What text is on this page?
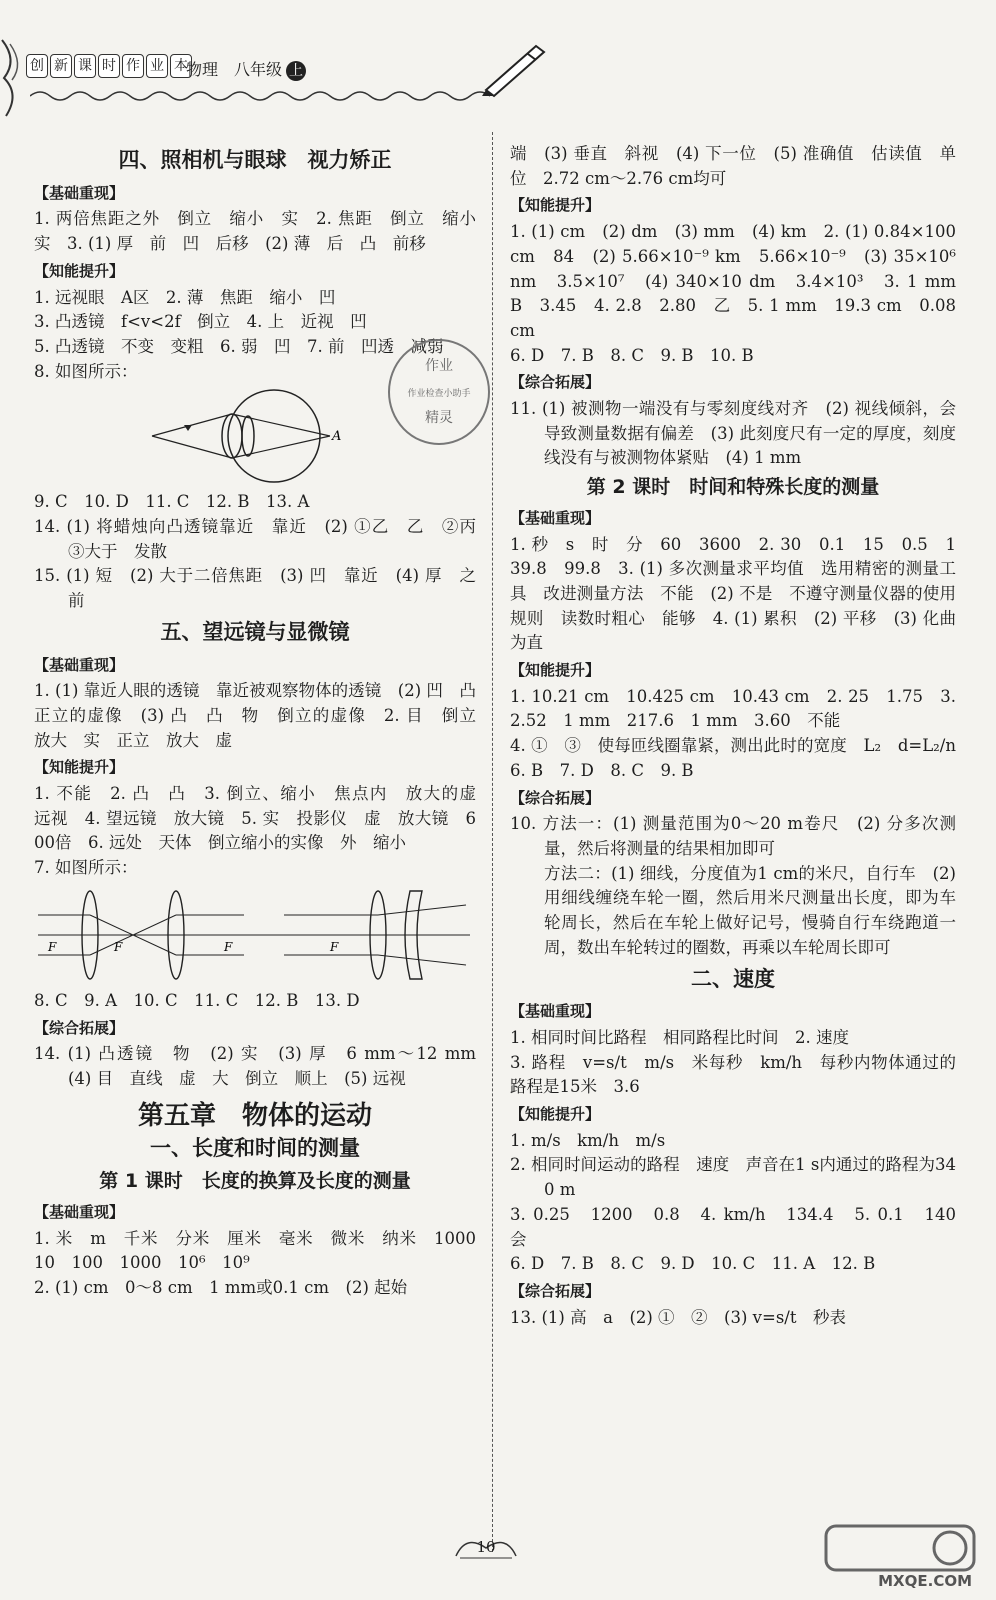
创 新 课 时 作 业 本
物理　八年级 上
四、照相机与眼球　视力矫正
【基础重现】

1. 两倍焦距之外　倒立　缩小　实　2. 焦距　倒立　缩小　实　3. (1) 厚　前　凹　后移　(2) 薄　后　凸　前移

【知能提升】

1. 远视眼　A区　2. 薄　焦距　缩小　凹

3. 凸透镜　f<v<2f　倒立　4. 上　近视　凹

5. 凸透镜　不变　变粗　6. 弱　凹　7. 前　凹透　减弱

8. 如图所示：

A

9. C　10. D　11. C　12. B　13. A

14. (1) 将蜡烛向凸透镜靠近　靠近　(2) ①乙　乙　②丙　③大于　发散

15. (1) 短　(2) 大于二倍焦距　(3) 凹　靠近　(4) 厚　之前

五、望远镜与显微镜
【基础重现】

1. (1) 靠近人眼的透镜　靠近被观察物体的透镜　(2) 凹　凸　正立的虚像　(3) 凸　凸　物　倒立的虚像　2. 目　倒立　放大　实　正立　放大　虚

【知能提升】

1. 不能　2. 凸　凸　3. 倒立、缩小　焦点内　放大的虚　远视　4. 望远镜　放大镜　5. 实　投影仪　虚　放大镜　600倍　6. 远处　天体　倒立缩小的实像　外　缩小

7. 如图所示：

F	F	F	F

8. C　9. A　10. C　11. C　12. B　13. D

【综合拓展】

14. (1) 凸透镜　物　(2) 实　(3) 厚　6 mm～12 mm　(4) 目　直线　虚　大　倒立　顺上　(5) 远视

第五章　物体的运动
一、长度和时间的测量
第 1 课时　长度的换算及长度的测量
【基础重现】

1. 米　m　千米　分米　厘米　毫米　微米　纳米　1000　10　100　1000　10⁶　10⁹

2. (1) cm　0～8 cm　1 mm或0.1 cm　(2) 起始

作业
作业检查小助手
精灵

端　(3) 垂直　斜视　(4) 下一位　(5) 准确值　估读值　单位　2.72 cm～2.76 cm均可

【知能提升】

1. (1) cm　(2) dm　(3) mm　(4) km　2. (1) 0.84×100 cm　84　(2) 5.66×10⁻⁹ km　5.66×10⁻⁹　(3) 35×10⁶ nm　3.5×10⁷　(4) 340×10 dm　3.4×10³　3. 1 mm　B　3.45　4. 2.8　2.80　乙　5. 1 mm　19.3 cm　0.08 cm

6. D　7. B　8. C　9. B　10. B

【综合拓展】

11. (1) 被测物一端没有与零刻度线对齐　(2) 视线倾斜，会导致测量数据有偏差　(3) 此刻度尺有一定的厚度，刻度线没有与被测物体紧贴　(4) 1 mm

第 2 课时　时间和特殊长度的测量
【基础重现】

1. 秒　s　时　分　60　3600　2. 30　0.1　15　0.5　1　39.8　99.8　3. (1) 多次测量求平均值　选用精密的测量工具　改进测量方法　不能　(2) 不是　不遵守测量仪器的使用规则　读数时粗心　能够　4. (1) 累积　(2) 平移　(3) 化曲为直

【知能提升】

1. 10.21 cm　10.425 cm　10.43 cm　2. 25　1.75　3. 2.52　1 mm　217.6　1 mm　3.60　不能

4. ①　③　使每匝线圈靠紧，测出此时的宽度　L₂　d=L₂/n　6. B　7. D　8. C　9. B

【综合拓展】

10. 方法一：(1) 测量范围为0～20 m卷尺　(2) 分多次测量，然后将测量的结果相加即可

方法二：(1) 细线，分度值为1 cm的米尺，自行车　(2) 用细线缠绕车轮一圈，然后用米尺测量出长度，即为车轮周长，然后在车轮上做好记号，慢骑自行车绕跑道一周，数出车轮转过的圈数，再乘以车轮周长即可

二、速度
【基础重现】

1. 相同时间比路程　相同路程比时间　2. 速度

3. 路程　v=s/t　m/s　米每秒　km/h　每秒内物体通过的路程是15米　3.6

【知能提升】

1. m/s　km/h　m/s

2. 相同时间运动的路程　速度　声音在1 s内通过的路程为340 m

3. 0.25　1200　0.8　4. km/h　134.4　5. 0.1　140　会

6. D　7. B　8. C　9. D　10. C　11. A　12. B

【综合拓展】

13. (1) 高　a　(2) ①　②　(3) v=s/t　秒表

10
MXQE.COM
